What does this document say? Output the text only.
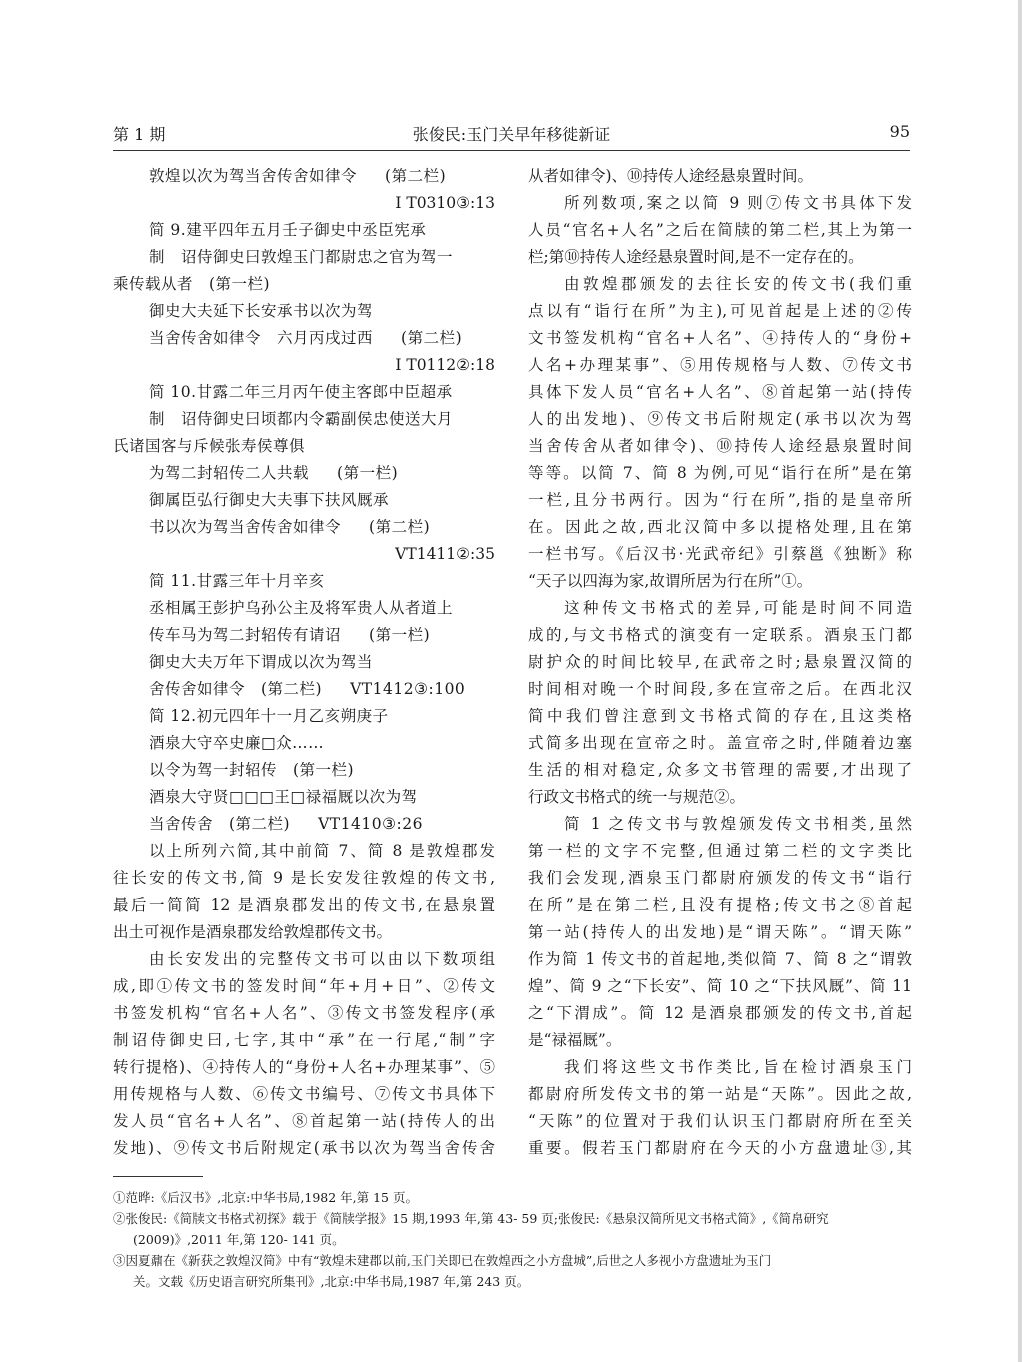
第 1 期	张俊民:玉门关早年移徙新证	95
敦煌以次为驾当舍传舍如律令 (第二栏)
Ⅰ T0310③:13
简 9.建平四年五月壬子御史中丞臣宪承
制　诏侍御史曰敦煌玉门都尉忠之官为驾一
乘传载从者　(第一栏)
御史大夫延下长安承书以次为驾
当舍传舍如律令　六月丙戌过西 (第二栏)
Ⅰ T0112②:18
简 10.甘露二年三月丙午使主客郎中臣超承
制　诏侍御史曰顷都内令霸副侯忠使送大月
氏诸国客与斥候张寿侯尊俱
为驾二封轺传二人共载 (第一栏)
御属臣弘行御史大夫事下扶风厩承
书以次为驾当舍传舍如律令 (第二栏)
ⅤT1411②:35
简 11.甘露三年十月辛亥
丞相属王彭护乌孙公主及将军贵人从者道上
传车马为驾二封轺传有请诏 (第一栏)
御史大夫万年下谓成以次为驾当
舍传舍如律令　(第二栏) ⅤT1412③:100
简 12.初元四年十一月乙亥朔庚子
酒泉大守卒史廉□众……
以令为驾一封轺传　(第一栏)
酒泉大守贤□□□王□禄福厩以次为驾
当舍传舍　(第二栏) ⅤT1410③:26
以上所列六简,其中前简 7、简 8 是敦煌郡发
往长安的传文书,简 9 是长安发往敦煌的传文书,
最后一简简 12 是酒泉郡发出的传文书,在悬泉置
出土可视作是酒泉郡发给敦煌郡传文书。
由长安发出的完整传文书可以由以下数项组
成,即①传文书的签发时间“年+月+日”、②传文
书签发机构“官名+人名”、③传文书签发程序(承
制诏侍御史曰,七字,其中“承”在一行尾,“制”字
转行提格)、④持传人的“身份+人名+办理某事”、⑤
用传规格与人数、⑥传文书编号、⑦传文书具体下
发人员“官名+人名”、⑧首起第一站(持传人的出
发地)、⑨传文书后附规定(承书以次为驾当舍传舍
从者如律令)、⑩持传人途经悬泉置时间。
所列数项,案之以简 9 则⑦传文书具体下发
人员“官名+人名”之后在简牍的第二栏,其上为第一
栏;第⑩持传人途经悬泉置时间,是不一定存在的。
由敦煌郡颁发的去往长安的传文书(我们重
点以有“诣行在所”为主),可见首起是上述的②传
文书签发机构“官名+人名”、④持传人的“身份+
人名+办理某事”、⑤用传规格与人数、⑦传文书
具体下发人员“官名+人名”、⑧首起第一站(持传
人的出发地)、⑨传文书后附规定(承书以次为驾
当舍传舍从者如律令)、⑩持传人途经悬泉置时间
等等。以简 7、简 8 为例,可见“诣行在所”是在第
一栏,且分书两行。因为“行在所”,指的是皇帝所
在。因此之故,西北汉简中多以提格处理,且在第
一栏书写。《后汉书·光武帝纪》引蔡邕《独断》称
“天子以四海为家,故谓所居为行在所”①。
这种传文书格式的差异,可能是时间不同造
成的,与文书格式的演变有一定联系。酒泉玉门都
尉护众的时间比较早,在武帝之时;悬泉置汉简的
时间相对晚一个时间段,多在宣帝之后。在西北汉
简中我们曾注意到文书格式简的存在,且这类格
式简多出现在宣帝之时。盖宣帝之时,伴随着边塞
生活的相对稳定,众多文书管理的需要,才出现了
行政文书格式的统一与规范②。
简 1 之传文书与敦煌颁发传文书相类,虽然
第一栏的文字不完整,但通过第二栏的文字类比
我们会发现,酒泉玉门都尉府颁发的传文书“诣行
在所”是在第二栏,且没有提格;传文书之⑧首起
第一站(持传人的出发地)是“谓天陈”。“谓天陈”
作为简 1 传文书的首起地,类似简 7、简 8 之“谓敦
煌”、简 9 之“下长安”、简 10 之“下扶风厩”、简 11
之“下渭成”。简 12 是酒泉郡颁发的传文书,首起
是“禄福厩”。
我们将这些文书作类比,旨在检讨酒泉玉门
都尉府所发传文书的第一站是“天陈”。因此之故,
“天陈”的位置对于我们认识玉门都尉府所在至关
重要。假若玉门都尉府在今天的小方盘遗址③,其
①范晔:《后汉书》,北京:中华书局,1982 年,第 15 页。
②张俊民:《简牍文书格式初探》载于《简牍学报》15 期,1993 年,第 43- 59 页;张俊民:《悬泉汉简所见文书格式简》,《简帛研究
(2009)》,2011 年,第 120- 141 页。
③因夏鼐在《新获之敦煌汉简》中有“敦煌未建郡以前,玉门关即已在敦煌西之小方盘城”,后世之人多视小方盘遗址为玉门
关。文载《历史语言研究所集刊》,北京:中华书局,1987 年,第 243 页。
